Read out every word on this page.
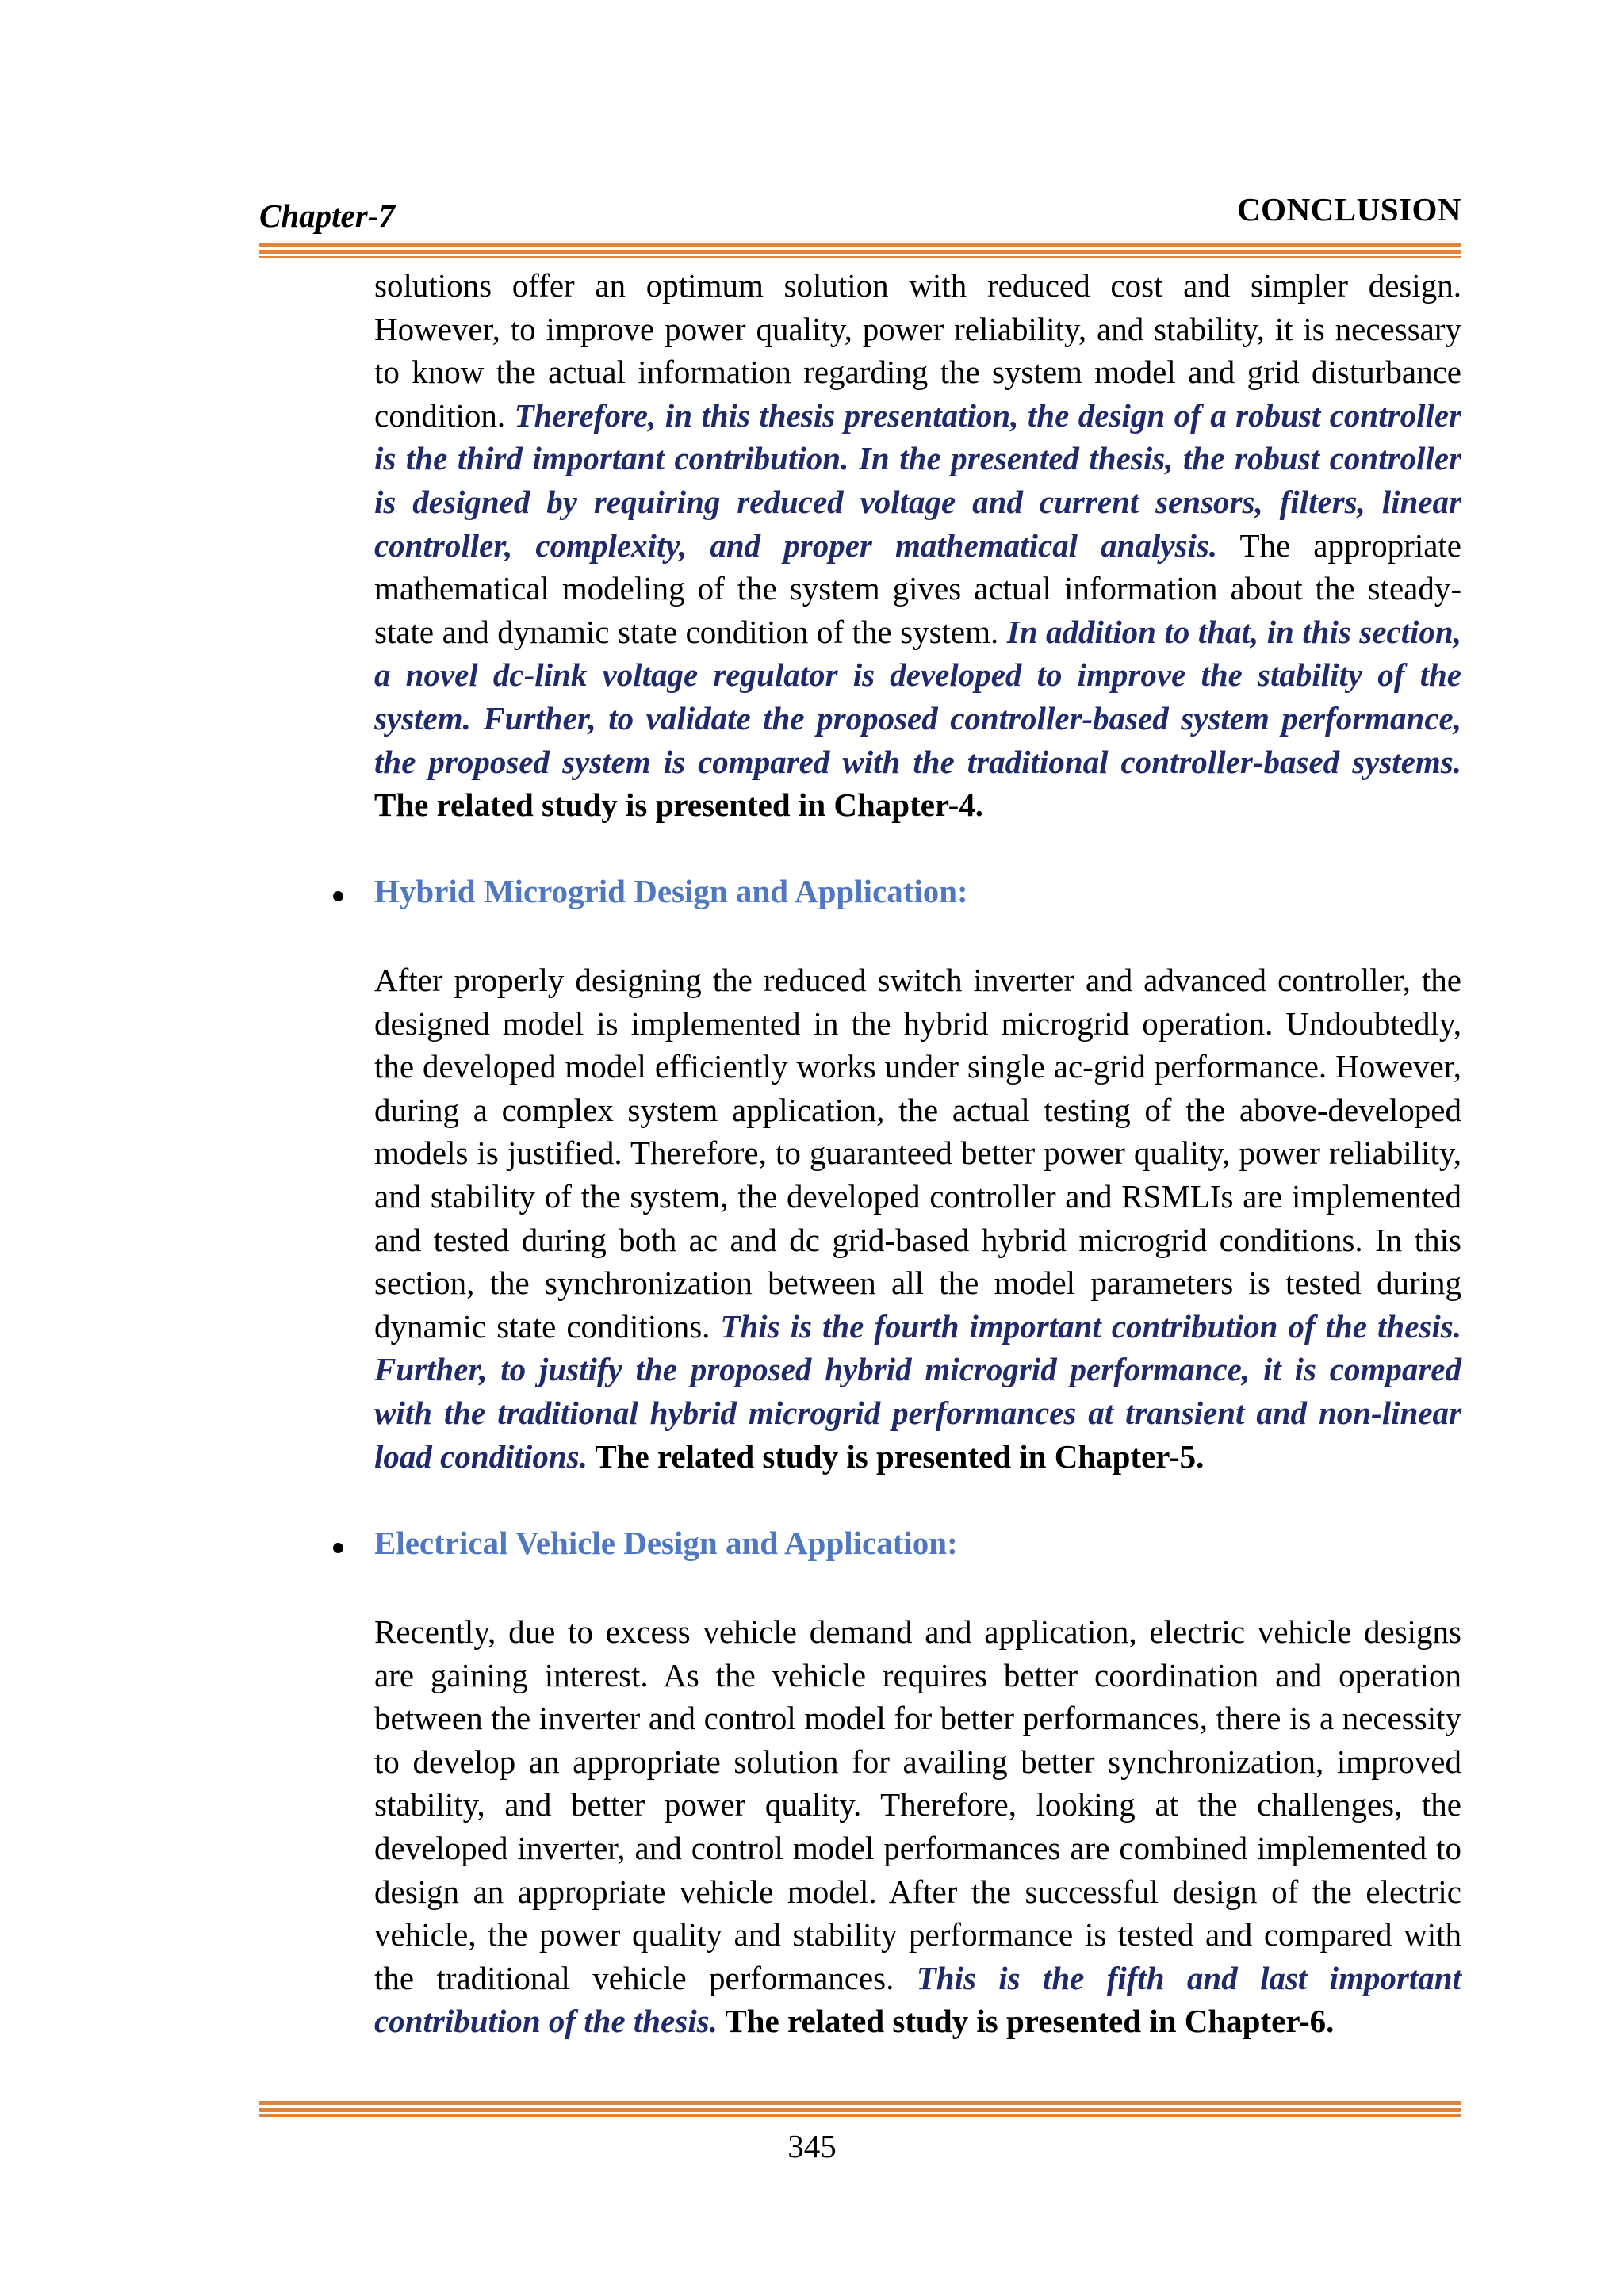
Chapter-7	CONCLUSION

solutions offer an optimum solution with reduced cost and simpler design. However, to improve power quality, power reliability, and stability, it is necessary to know the actual information regarding the system model and grid disturbance condition. Therefore, in this thesis presentation, the design of a robust controller is the third important contribution. In the presented thesis, the robust controller is designed by requiring reduced voltage and current sensors, filters, linear controller, complexity, and proper mathematical analysis. The appropriate mathematical modeling of the system gives actual information about the steady-state and dynamic state condition of the system. In addition to that, in this section, a novel dc-link voltage regulator is developed to improve the stability of the system. Further, to validate the proposed controller-based system performance, the proposed system is compared with the traditional controller-based systems. The related study is presented in Chapter-4.

Hybrid Microgrid Design and Application:

After properly designing the reduced switch inverter and advanced controller, the designed model is implemented in the hybrid microgrid operation. Undoubtedly, the developed model efficiently works under single ac-grid performance. However, during a complex system application, the actual testing of the above-developed models is justified. Therefore, to guaranteed better power quality, power reliability, and stability of the system, the developed controller and RSMLIs are implemented and tested during both ac and dc grid-based hybrid microgrid conditions. In this section, the synchronization between all the model parameters is tested during dynamic state conditions. This is the fourth important contribution of the thesis. Further, to justify the proposed hybrid microgrid performance, it is compared with the traditional hybrid microgrid performances at transient and non-linear load conditions. The related study is presented in Chapter-5.

Electrical Vehicle Design and Application:

Recently, due to excess vehicle demand and application, electric vehicle designs are gaining interest. As the vehicle requires better coordination and operation between the inverter and control model for better performances, there is a necessity to develop an appropriate solution for availing better synchronization, improved stability, and better power quality. Therefore, looking at the challenges, the developed inverter, and control model performances are combined implemented to design an appropriate vehicle model. After the successful design of the electric vehicle, the power quality and stability performance is tested and compared with the traditional vehicle performances. This is the fifth and last important contribution of the thesis. The related study is presented in Chapter-6.

345
